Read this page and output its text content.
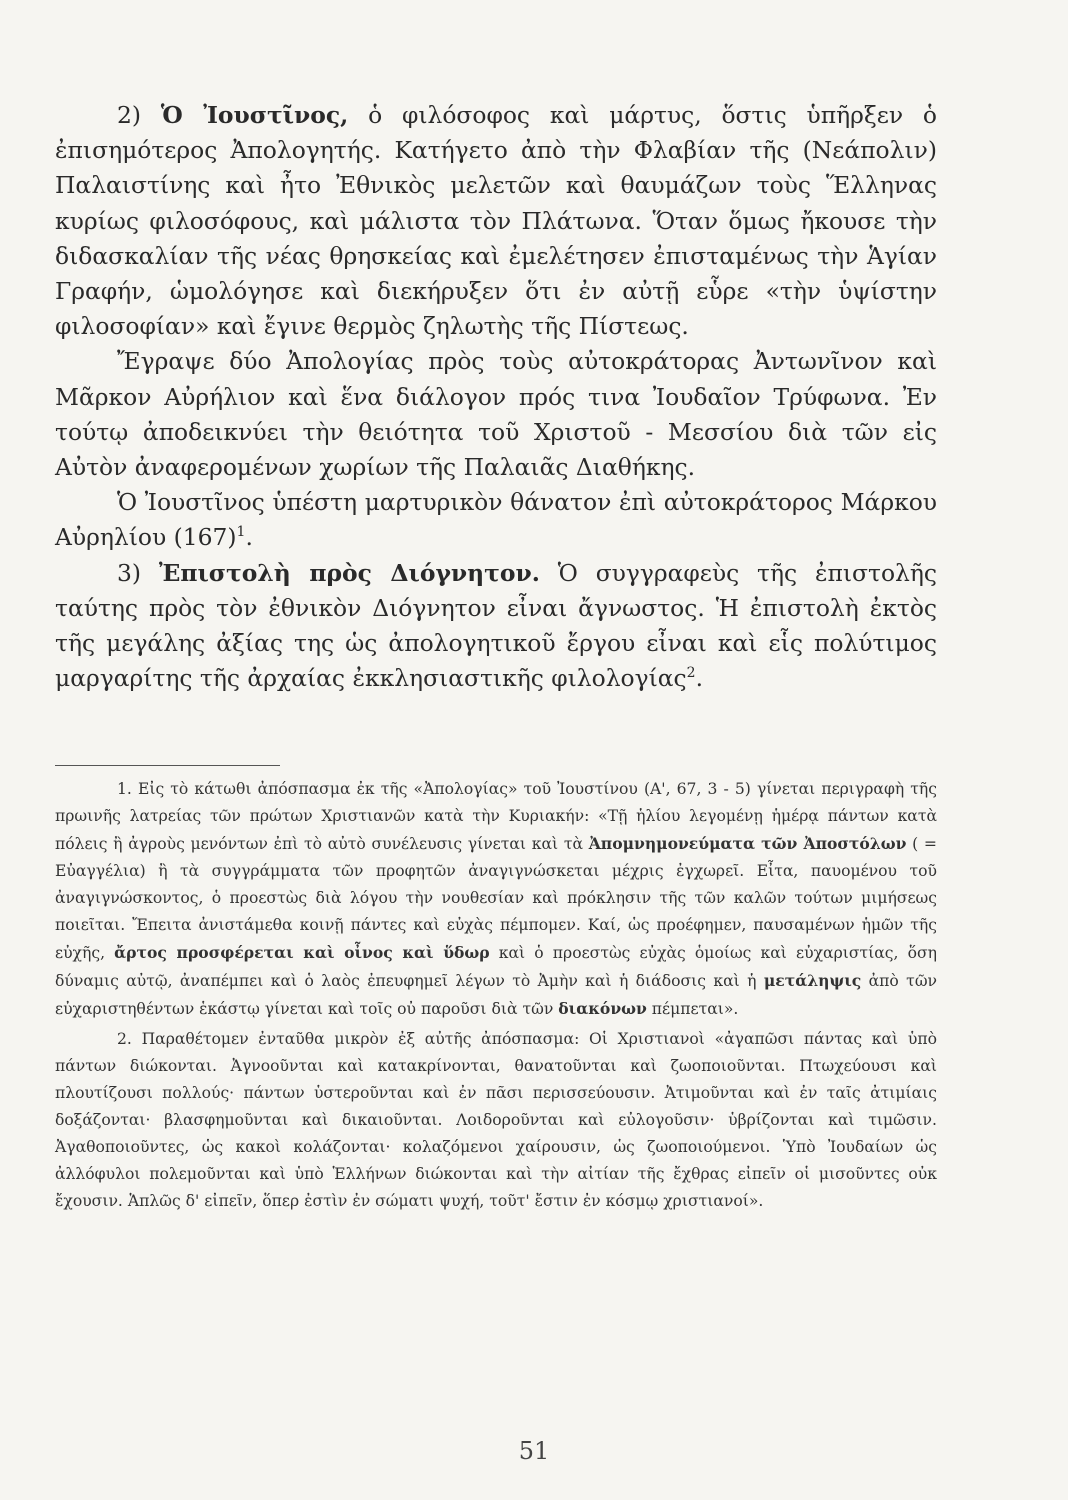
2) Ὁ Ἰουστῖνος, ὁ φιλόσοφος καὶ μάρτυς, ὅστις ὑπῆρξεν ὁ ἐπισημότερος Ἀπολογητής. Κατήγετο ἀπὸ τὴν Φλαβίαν τῆς (Νεάπολιν) Παλαιστίνης καὶ ἦτο Ἐθνικὸς μελετῶν καὶ θαυμάζων τοὺς Ἕλληνας κυρίως φιλοσόφους, καὶ μάλιστα τὸν Πλάτωνα. Ὅταν ὅμως ἤκουσε τὴν διδασκαλίαν τῆς νέας θρησκείας καὶ ἐμελέτησεν ἐπισταμένως τὴν Ἁγίαν Γραφήν, ὡμολόγησε καὶ διεκήρυξεν ὅτι ἐν αὐτῇ εὗρε «τὴν ὑψίστην φιλοσοφίαν» καὶ ἔγινε θερμὸς ζηλωτὴς τῆς Πίστεως.

Ἔγραψε δύο Ἀπολογίας πρὸς τοὺς αὐτοκράτορας Ἀντωνῖνον καὶ Μᾶρκον Αὐρήλιον καὶ ἕνα διάλογον πρός τινα Ἰουδαῖον Τρύφωνα. Ἐν τούτῳ ἀποδεικνύει τὴν θειότητα τοῦ Χριστοῦ - Μεσσίου διὰ τῶν εἰς Αὐτὸν ἀναφερομένων χωρίων τῆς Παλαιᾶς Διαθήκης.

Ὁ Ἰουστῖνος ὑπέστη μαρτυρικὸν θάνατον ἐπὶ αὐτοκράτορος Μάρκου Αὐρηλίου $(167)^1$.

3) Ἐπιστολὴ πρὸς Διόγνητον. Ὁ συγγραφεὺς τῆς ἐπιστολῆς ταύτης πρὸς τὸν ἐθνικὸν Διόγνητον εἶναι ἄγνωστος. Ἡ ἐπιστολὴ ἐκτὸς τῆς μεγάλης ἀξίας της ὡς ἀπολογητικοῦ ἔργου εἶναι καὶ εἷς πολύτιμος μαργαρίτης τῆς ἀρχαίας ἐκκλησιαστικῆς φιλολογίας$^2$.

1. Εἰς τὸ κάτωθι ἀπόσπασμα ἐκ τῆς «Ἀπολογίας» τοῦ Ἰουστίνου (Α', 67, 3 - 5) γίνεται περιγραφὴ τῆς πρωινῆς λατρείας τῶν πρώτων Χριστιανῶν κατὰ τὴν Κυριακήν: «Τῇ ἡλίου λεγομένῃ ἡμέρᾳ πάντων κατὰ πόλεις ἢ ἀγροὺς μενόντων ἐπὶ τὸ αὐτὸ συνέλευσις γίνεται καὶ τὰ Ἀπομνημονεύματα τῶν Ἀποστόλων ( = Εὐαγγέλια) ἢ τὰ συγγράμματα τῶν προφητῶν ἀναγιγνώσκεται μέχρις ἐγχωρεῖ. Εἶτα, παυομένου τοῦ ἀναγιγνώσκοντος, ὁ προεστὼς διὰ λόγου τὴν νουθεσίαν καὶ πρόκλησιν τῆς τῶν καλῶν τούτων μιμήσεως ποιεῖται. Ἔπειτα ἀνιστάμεθα κοινῇ πάντες καὶ εὐχὰς πέμπομεν. Καί, ὡς προέφημεν, παυσαμένων ἡμῶν τῆς εὐχῆς, ἄρτος προσφέρεται καὶ οἶνος καὶ ὕδωρ καὶ ὁ προεστὼς εὐχὰς ὁμοίως καὶ εὐχαριστίας, ὅση δύναμις αὐτῷ, ἀναπέμπει καὶ ὁ λαὸς ἐπευφημεῖ λέγων τὸ Ἀμὴν καὶ ἡ διάδοσις καὶ ἡ μετάληψις ἀπὸ τῶν εὐχαριστηθέντων ἑκάστῳ γίνεται καὶ τοῖς οὐ παροῦσι διὰ τῶν διακόνων πέμπεται».

2. Παραθέτομεν ἐνταῦθα μικρὸν ἐξ αὐτῆς ἀπόσπασμα: Οἱ Χριστιανοὶ «ἀγαπῶσι πάντας καὶ ὑπὸ πάντων διώκονται. Ἀγνοοῦνται καὶ κατακρίνονται, θανατοῦνται καὶ ζωοποιοῦνται. Πτωχεύουσι καὶ πλουτίζουσι πολλούς· πάντων ὑστεροῦνται καὶ ἐν πᾶσι περισσεύουσιν. Ἀτιμοῦνται καὶ ἐν ταῖς ἀτιμίαις δοξάζονται· βλασφημοῦνται καὶ δικαιοῦνται. Λοιδοροῦνται καὶ εὐλογοῦσιν· ὑβρίζονται καὶ τιμῶσιν. Ἀγαθοποιοῦντες, ὡς κακοὶ κολάζονται· κολαζόμενοι χαίρουσιν, ὡς ζωοποιούμενοι. Ὑπὸ Ἰουδαίων ὡς ἀλλόφυλοι πολεμοῦνται καὶ ὑπὸ Ἑλλήνων διώκονται καὶ τὴν αἰτίαν τῆς ἔχθρας εἰπεῖν οἱ μισοῦντες οὐκ ἔχουσιν. Ἁπλῶς δ' εἰπεῖν, ὅπερ ἐστὶν ἐν σώματι ψυχή, τοῦτ' ἔστιν ἐν κόσμῳ χριστιανοί».

51
